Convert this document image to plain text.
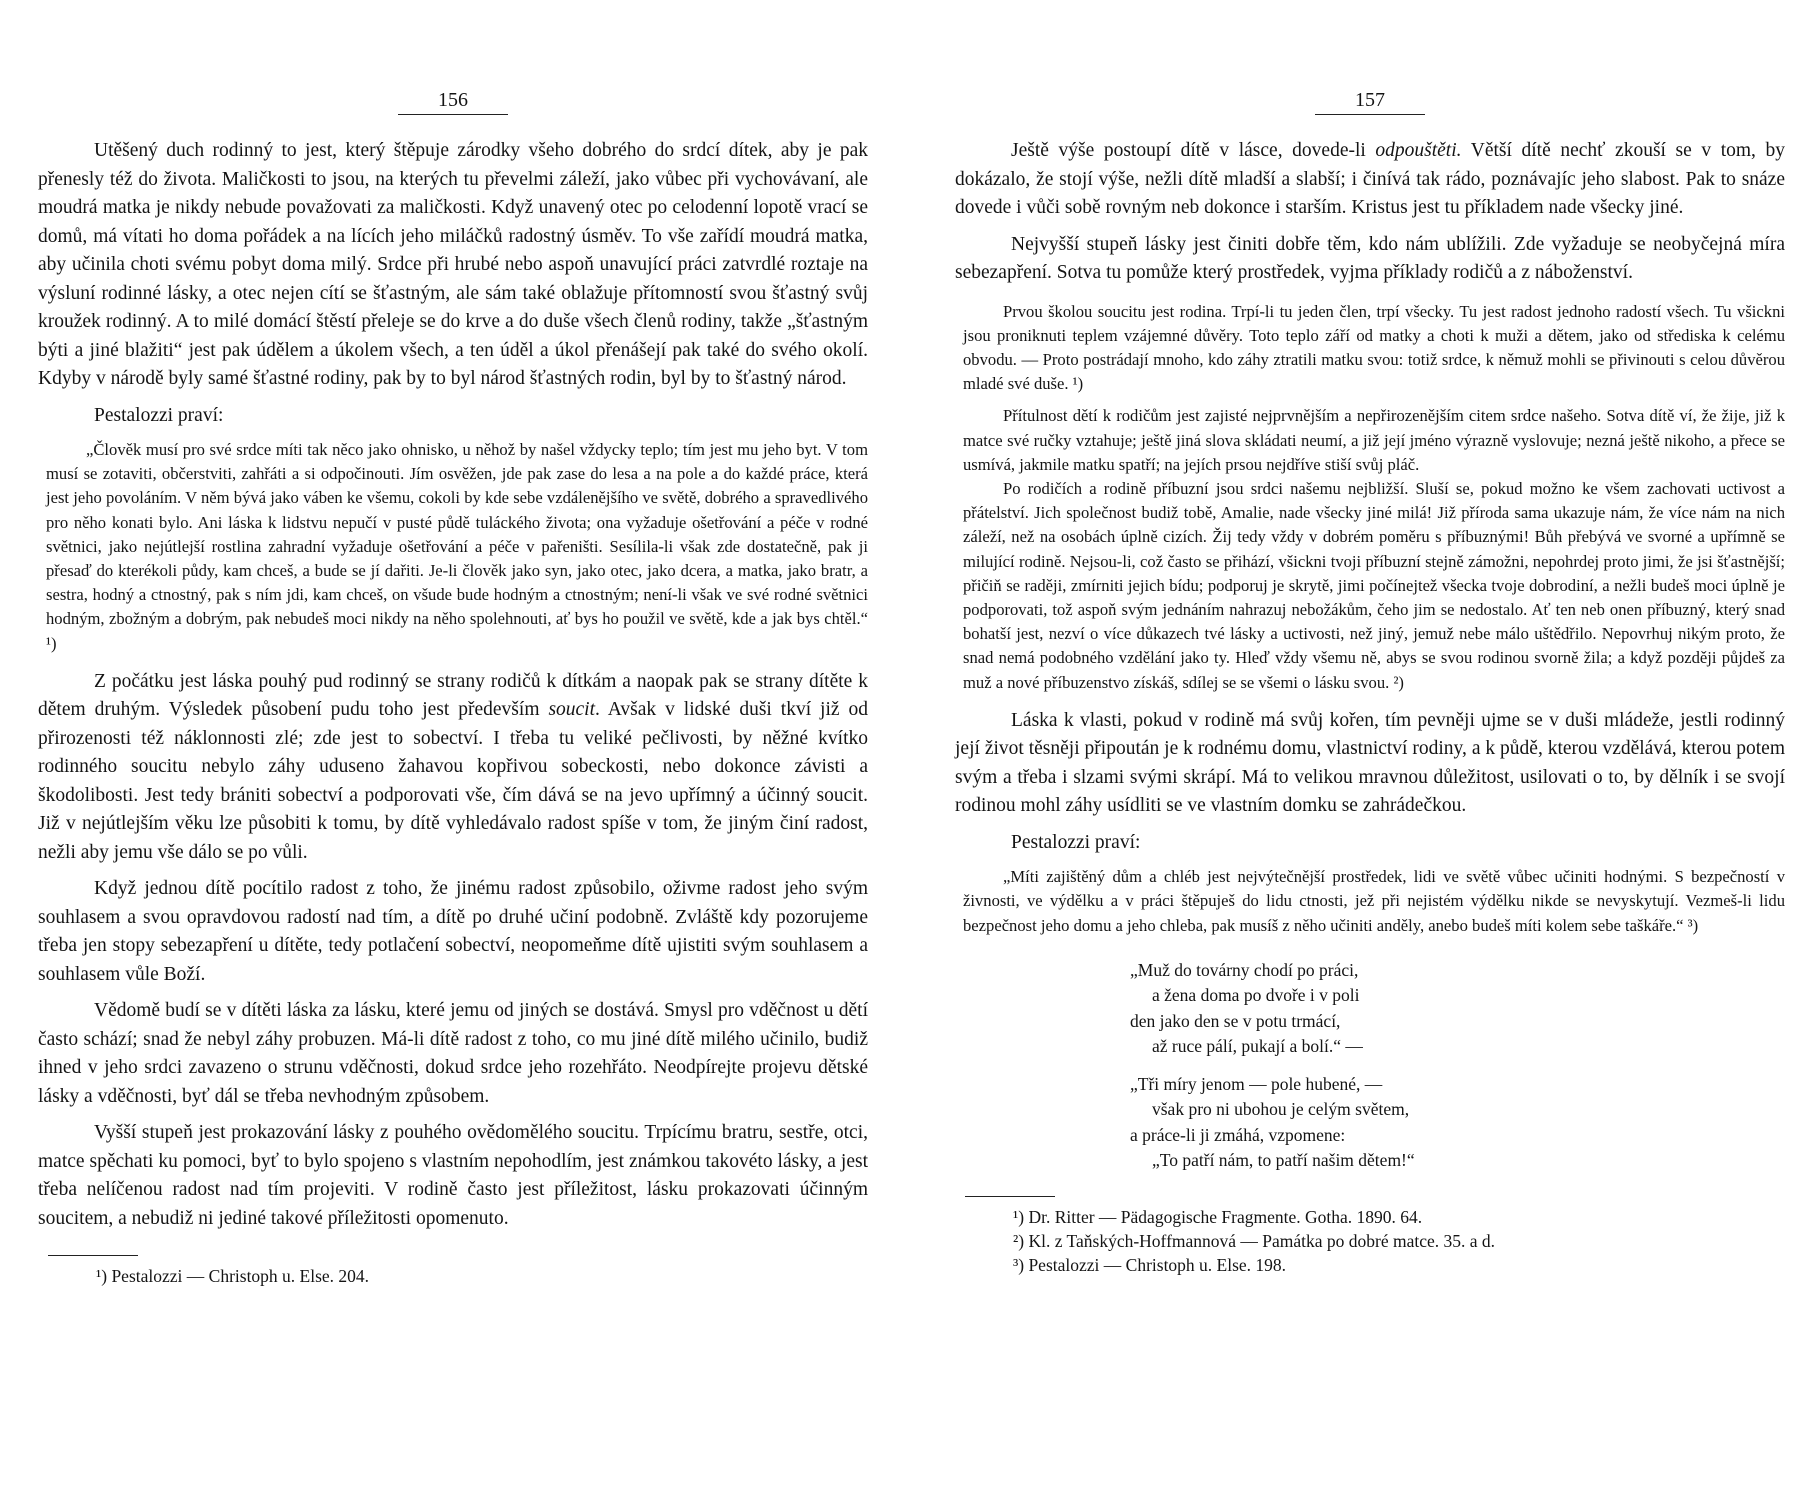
156

Utěšený duch rodinný to jest, který štěpuje zárodky všeho dobrého do srdcí dítek, aby je pak přenesly též do života. Maličkosti to jsou, na kterých tu převelmi záleží, jako vůbec při vychovávaní, ale moudrá matka je nikdy nebude považovati za maličkosti. Když unavený otec po celodenní lopotě vrací se domů, má vítati ho doma pořádek a na lících jeho miláčků radostný úsměv. To vše zařídí moudrá matka, aby učinila choti svému pobyt doma milý. Srdce při hrubé nebo aspoň unavující práci zatvrdlé roztaje na výsluní rodinné lásky, a otec nejen cítí se šťastným, ale sám také oblažuje přítomností svou šťastný svůj kroužek rodinný. A to milé domácí štěstí přeleje se do krve a do duše všech členů rodiny, takže „šťastným býti a jiné blažiti“ jest pak údělem a úkolem všech, a ten úděl a úkol přenášejí pak také do svého okolí. Kdyby v národě byly samé šťastné rodiny, pak by to byl národ šťastných rodin, byl by to šťastný národ.

Pestalozzi praví:

„Člověk musí pro své srdce míti tak něco jako ohnisko, u něhož by našel vždycky teplo; tím jest mu jeho byt. V tom musí se zotaviti, občerstviti, zahřáti a si odpočinouti. Jím osvěžen, jde pak zase do lesa a na pole a do každé práce, která jest jeho povoláním. V něm bývá jako váben ke všemu, cokoli by kde sebe vzdálenějšího ve světě, dobrého a spravedlivého pro něho konati bylo. Ani láska k lidstvu nepučí v pusté půdě tuláckého života; ona vyžaduje ošetřování a péče v rodné světnici, jako nejútlejší rostlina zahradní vyžaduje ošetřování a péče v pařeništi. Sesílila-li však zde dostatečně, pak ji přesaď do kterékoli půdy, kam chceš, a bude se jí dařiti. Je-li člověk jako syn, jako otec, jako dcera, a matka, jako bratr, a sestra, hodný a ctnostný, pak s ním jdi, kam chceš, on všude bude hodným a ctnostným; není-li však ve své rodné světnici hodným, zbožným a dobrým, pak nebudeš moci nikdy na něho spolehnouti, ať bys ho použil ve světě, kde a jak bys chtěl.“ ¹)

Z počátku jest láska pouhý pud rodinný se strany rodičů k dítkám a naopak pak se strany dítěte k dětem druhým. Výsledek působení pudu toho jest především soucit. Avšak v lidské duši tkví již od přirozenosti též náklonnosti zlé; zde jest to sobectví. I třeba tu veliké pečlivosti, by něžné kvítko rodinného soucitu nebylo záhy uduseno žahavou kopřivou sobeckosti, nebo dokonce závisti a škodolibosti. Jest tedy brániti sobectví a podporovati vše, čím dává se na jevo upřímný a účinný soucit. Již v nejútlejším věku lze působiti k tomu, by dítě vyhledávalo radost spíše v tom, že jiným činí radost, nežli aby jemu vše dálo se po vůli.

Když jednou dítě pocítilo radost z toho, že jinému radost způsobilo, oživme radost jeho svým souhlasem a svou opravdovou radostí nad tím, a dítě po druhé učiní podobně. Zvláště kdy pozorujeme třeba jen stopy sebezapření u dítěte, tedy potlačení sobectví, neopomeňme dítě ujistiti svým souhlasem a souhlasem vůle Boží.

Vědomě budí se v dítěti láska za lásku, které jemu od jiných se dostává. Smysl pro vděčnost u dětí často schází; snad že nebyl záhy probuzen. Má-li dítě radost z toho, co mu jiné dítě milého učinilo, budiž ihned v jeho srdci zavazeno o strunu vděčnosti, dokud srdce jeho rozehřáto. Neodpírejte projevu dětské lásky a vděčnosti, byť dál se třeba nevhodným způsobem.

Vyšší stupeň jest prokazování lásky z pouhého ovědomělého soucitu. Trpícímu bratru, sestře, otci, matce spěchati ku pomoci, byť to bylo spojeno s vlastním nepohodlím, jest známkou takovéto lásky, a jest třeba nelíčenou radost nad tím projeviti. V rodině často jest příležitost, lásku prokazovati účinným soucitem, a nebudiž ni jediné takové příležitosti opomenuto.

¹) Pestalozzi — Christoph u. Else. 204.
157

Ještě výše postoupí dítě v lásce, dovede-li odpouštěti. Větší dítě nechť zkouší se v tom, by dokázalo, že stojí výše, nežli dítě mladší a slabší; i činívá tak rádo, poznávajíc jeho slabost. Pak to snáze dovede i vůči sobě rovným neb dokonce i starším. Kristus jest tu příkladem nade všecky jiné.

Nejvyšší stupeň lásky jest činiti dobře těm, kdo nám ublížili. Zde vyžaduje se neobyčejná míra sebezapření. Sotva tu pomůže který prostředek, vyjma příklady rodičů a z náboženství.

Prvou školou soucitu jest rodina. Trpí-li tu jeden člen, trpí všecky. Tu jest radost jednoho radostí všech. Tu všickni jsou proniknuti teplem vzájemné důvěry. Toto teplo září od matky a choti k muži a dětem, jako od střediska k celému obvodu. — Proto postrádají mnoho, kdo záhy ztratili matku svou: totiž srdce, k němuž mohli se přivinouti s celou důvěrou mladé své duše. ¹)

Přítulnost dětí k rodičům jest zajisté nejprvnějším a nepřirozenějším citem srdce našeho. Sotva dítě ví, že žije, již k matce své ručky vztahuje; ještě jiná slova skládati neumí, a již její jméno výrazně vyslovuje; nezná ještě nikoho, a přece se usmívá, jakmile matku spatří; na jejích prsou nejdříve stiší svůj pláč.

Po rodičích a rodině příbuzní jsou srdci našemu nejbližší. Sluší se, pokud možno ke všem zachovati uctivost a přátelství. Jich společnost budiž tobě, Amalie, nade všecky jiné milá! Již příroda sama ukazuje nám, že více nám na nich záleží, než na osobách úplně cizích. Žij tedy vždy v dobrém poměru s příbuznými! Bůh přebývá ve svorné a upřímně se milující rodině. Nejsou-li, což často se přihází, všickni tvoji příbuzní stejně zámožni, nepohrdej proto jimi, že jsi šťastnější; přičiň se raději, zmírniti jejich bídu; podporuj je skrytě, jimi počínejtež všecka tvoje dobrodiní, a nežli budeš moci úplně je podporovati, tož aspoň svým jednáním nahrazuj nebožákům, čeho jim se nedostalo. Ať ten neb onen příbuzný, který snad bohatší jest, nezví o více důkazech tvé lásky a uctivosti, než jiný, jemuž nebe málo uštědřilo. Nepovrhuj nikým proto, že snad nemá podobného vzdělání jako ty. Hleď vždy všemu ně, abys se svou rodinou svorně žila; a když později půjdeš za muž a nové příbuzenstvo získáš, sdílej se se všemi o lásku svou. ²)

Láska k vlasti, pokud v rodině má svůj kořen, tím pevněji ujme se v duši mládeže, jestli rodinný její život těsněji připoután je k rodnému domu, vlastnictví rodiny, a k půdě, kterou vzdělává, kterou potem svým a třeba i slzami svými skrápí. Má to velikou mravnou důležitost, usilovati o to, by dělník i se svojí rodinou mohl záhy usídliti se ve vlastním domku se zahrádečkou.

Pestalozzi praví:

„Míti zajištěný dům a chléb jest nejvýtečnější prostředek, lidi ve světě vůbec učiniti hodnými. S bezpečností v živnosti, ve výdělku a v práci štěpuješ do lidu ctnosti, jež při nejistém výdělku nikde se nevyskytují. Vezmeš-li lidu bezpečnost jeho domu a jeho chleba, pak musíš z něho učiniti anděly, anebo budeš míti kolem sebe taškáře.“ ³)

„Muž do továrny chodí po práci,
a žena doma po dvoře i v poli
den jako den se v potu trmácí,
až ruce pálí, pukají a bolí.“ —
„Tři míry jenom — pole hubené, —
však pro ni ubohou je celým světem,
a práce-li ji zmáhá, vzpomene:
„To patří nám, to patří našim dětem!“
¹) Dr. Ritter — Pädagogische Fragmente. Gotha. 1890. 64.
²) Kl. z Taňských-Hoffmannová — Památka po dobré matce. 35. a d.
³) Pestalozzi — Christoph u. Else. 198.
